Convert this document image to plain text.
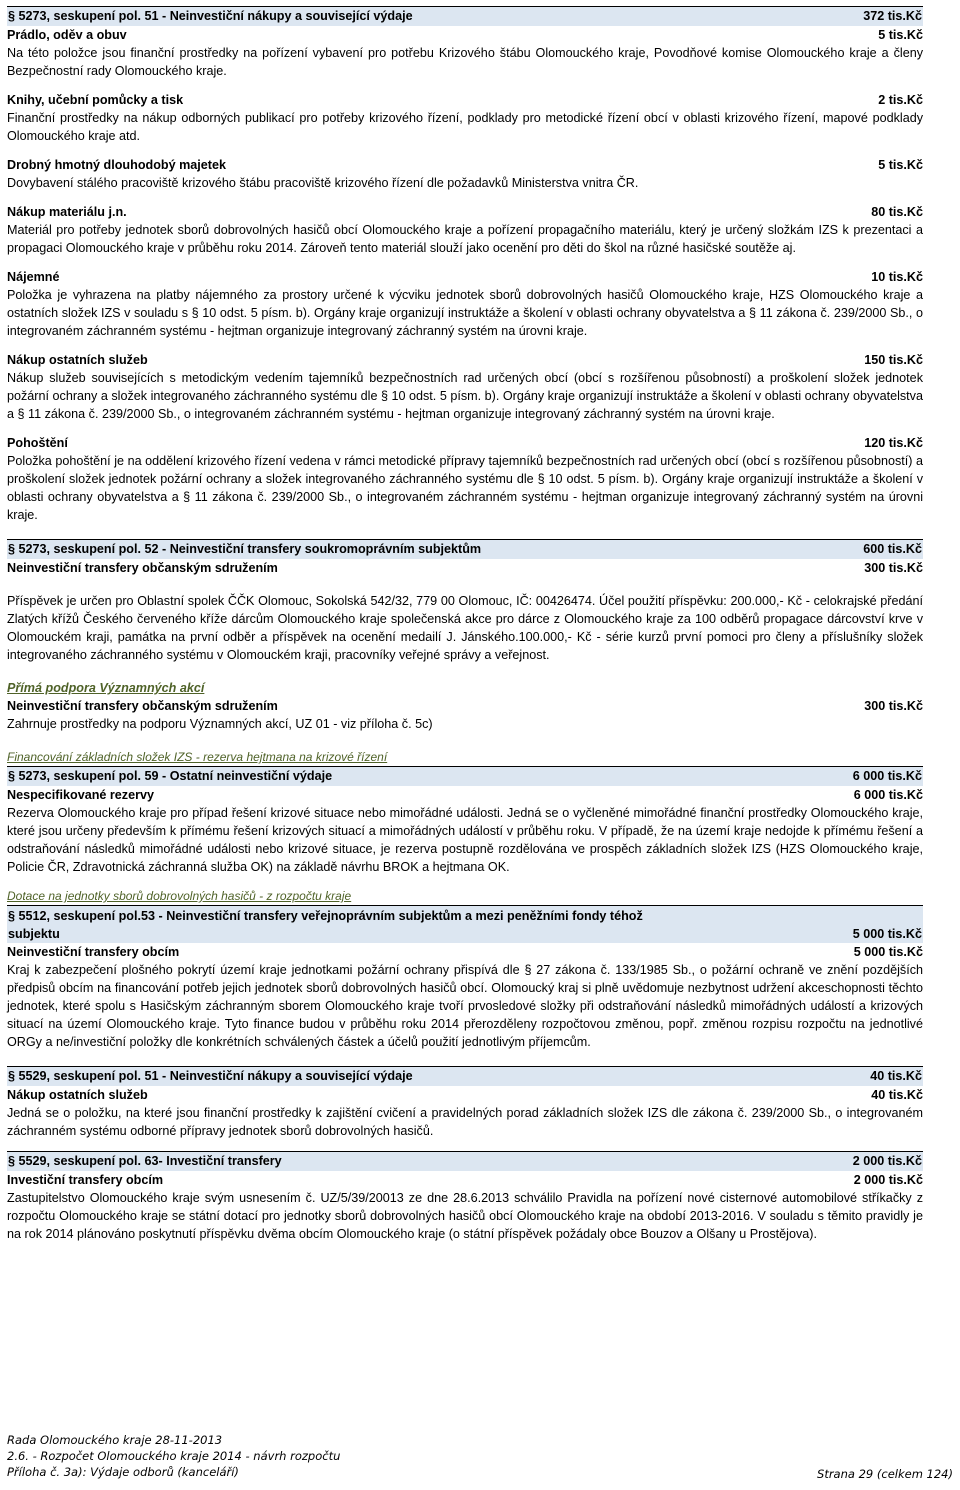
§ 5273, seskupení pol. 51 - Neinvestiční nákupy a související výdaje	372 tis.Kč
Prádlo, oděv a obuv	5 tis.Kč

Na této položce jsou finanční prostředky na pořízení vybavení pro potřebu Krizového štábu Olomouckého kraje, Povodňové komise Olomouckého kraje a členy Bezpečnostní rady Olomouckého kraje.

Knihy, učební pomůcky a tisk	2 tis.Kč

Finanční prostředky na nákup odborných publikací pro potřeby krizového řízení, podklady pro metodické řízení obcí v oblasti krizového řízení, mapové podklady Olomouckého kraje atd.

Drobný hmotný dlouhodobý majetek	5 tis.Kč

Dovybavení stálého pracoviště krizového štábu pracoviště krizového řízení dle požadavků Ministerstva vnitra ČR.

Nákup materiálu j.n.	80 tis.Kč

Materiál pro potřeby jednotek sborů dobrovolných hasičů obcí Olomouckého kraje a pořízení propagačního materiálu, který je určený složkám IZS k prezentaci a propagaci Olomouckého kraje v průběhu roku 2014. Zároveň tento materiál slouží jako ocenění pro děti do škol na různé hasičské soutěže aj.

Nájemné	10 tis.Kč

Položka je vyhrazena na platby nájemného za prostory určené k výcviku jednotek sborů dobrovolných hasičů Olomouckého kraje, HZS Olomouckého kraje a ostatních složek IZS v souladu s § 10 odst. 5 písm. b). Orgány kraje organizují instruktáže a školení v oblasti ochrany obyvatelstva a § 11 zákona č. 239/2000 Sb., o integrovaném záchranném systému - hejtman organizuje integrovaný záchranný systém na úrovni kraje.

Nákup ostatních služeb	150 tis.Kč

Nákup služeb souvisejících s metodickým vedením tajemníků bezpečnostních rad určených obcí (obcí s rozšířenou působností) a proškolení složek jednotek požární ochrany a složek integrovaného záchranného systému dle § 10 odst. 5 písm. b). Orgány kraje organizují instruktáže a školení v oblasti ochrany obyvatelstva a § 11 zákona č. 239/2000 Sb., o integrovaném záchranném systému - hejtman organizuje integrovaný záchranný systém na úrovni kraje.

Pohoštění	120 tis.Kč

Položka pohoštění je na oddělení krizového řízení vedena v rámci metodické přípravy tajemníků bezpečnostních rad určených obcí (obcí s rozšířenou působností) a proškolení složek jednotek požární ochrany a složek integrovaného záchranného systému dle § 10 odst. 5 písm. b). Orgány kraje organizují instruktáže a školení v oblasti ochrany obyvatelstva a § 11 zákona č. 239/2000 Sb., o integrovaném záchranném systému - hejtman organizuje integrovaný záchranný systém na úrovni kraje.

§ 5273, seskupení pol. 52 - Neinvestiční transfery soukromoprávním subjektům	600 tis.Kč
Neinvestiční transfery občanským sdružením	300 tis.Kč

Příspěvek je určen pro Oblastní spolek ČČK Olomouc, Sokolská 542/32, 779 00 Olomouc, IČ: 00426474. Účel použití příspěvku: 200.000,- Kč - celokrajské předání Zlatých křížů Českého červeného kříže dárcům Olomouckého kraje společenská akce pro dárce z Olomouckého kraje za 100 odběrů propagace dárcovství krve v Olomouckém kraji, památka na první odběr a příspěvek na ocenění medailí J. Jánského.100.000,- Kč - série kurzů první pomoci pro členy a příslušníky složek integrovaného záchranného systému v Olomouckém kraji, pracovníky veřejné správy a veřejnost.

Přímá podpora Významných akcí
Neinvestiční transfery občanským sdružením	300 tis.Kč

Zahrnuje prostředky na podporu Významných akcí, UZ 01 - viz příloha č. 5c)

Financování základních složek IZS - rezerva hejtmana na krizové řízení
§ 5273, seskupení pol. 59 - Ostatní neinvestiční výdaje	6 000 tis.Kč
Nespecifikované rezervy	6 000 tis.Kč

Rezerva Olomouckého kraje pro případ řešení krizové situace nebo mimořádné události. Jedná se o vyčleněné mimořádné finanční prostředky Olomouckého kraje, které jsou určeny především k přímému řešení krizových situací a mimořádných událostí v průběhu roku. V případě, že na území kraje nedojde k přímému řešení a odstraňování následků mimořádné události nebo krizové situace, je rezerva postupně rozdělována ve prospěch základních složek IZS (HZS Olomouckého kraje, Policie ČR, Zdravotnická záchranná služba OK) na základě návrhu BROK a hejtmana OK.

Dotace na jednotky sborů dobrovolných hasičů - z rozpočtu kraje
§ 5512, seskupení pol.53 - Neinvestiční transfery veřejnoprávním subjektům a mezi peněžními fondy téhož
subjektu	5 000 tis.Kč
Neinvestiční transfery obcím	5 000 tis.Kč

Kraj k zabezpečení plošného pokrytí území kraje jednotkami požární ochrany přispívá dle § 27 zákona č. 133/1985 Sb., o požární ochraně ve znění pozdějších předpisů obcím na financování potřeb jejich jednotek sborů dobrovolných hasičů obcí. Olomoucký kraj si plně uvědomuje nezbytnost udržení akceschopnosti těchto jednotek, které spolu s Hasičským záchranným sborem Olomouckého kraje tvoří prvosledové složky při odstraňování následků mimořádných událostí a krizových situací na území Olomouckého kraje. Tyto finance budou v průběhu roku 2014 přerozděleny rozpočtovou změnou, popř. změnou rozpisu rozpočtu na jednotlivé ORGy a ne/investiční položky dle konkrétních schválených částek a účelů použití jednotlivým příjemcům.

§ 5529, seskupení pol. 51 - Neinvestiční nákupy a související výdaje	40 tis.Kč
Nákup ostatních služeb	40 tis.Kč

Jedná se o položku, na které jsou finanční prostředky k zajištění cvičení a pravidelných porad základních složek IZS dle zákona č. 239/2000 Sb., o integrovaném záchranném systému odborné přípravy jednotek sborů dobrovolných hasičů.

§ 5529, seskupení pol. 63- Investiční transfery	2 000 tis.Kč
Investiční transfery obcím	2 000 tis.Kč

Zastupitelstvo Olomouckého kraje svým usnesením č. UZ/5/39/20013 ze dne 28.6.2013 schválilo Pravidla na pořízení nové cisternové automobilové stříkačky z rozpočtu Olomouckého kraje se státní dotací pro jednotky sborů dobrovolných hasičů obcí Olomouckého kraje na období 2013-2016. V souladu s těmito pravidly je na rok 2014 plánováno poskytnutí příspěvku dvěma obcím Olomouckého kraje (o státní příspěvek požádaly obce Bouzov a Olšany u Prostějova).

Rada Olomouckého kraje 28-11-2013
2.6. - Rozpočet Olomouckého kraje 2014 - návrh rozpočtu
Příloha č. 3a): Výdaje odborů (kanceláří)	Strana 29 (celkem 124)
